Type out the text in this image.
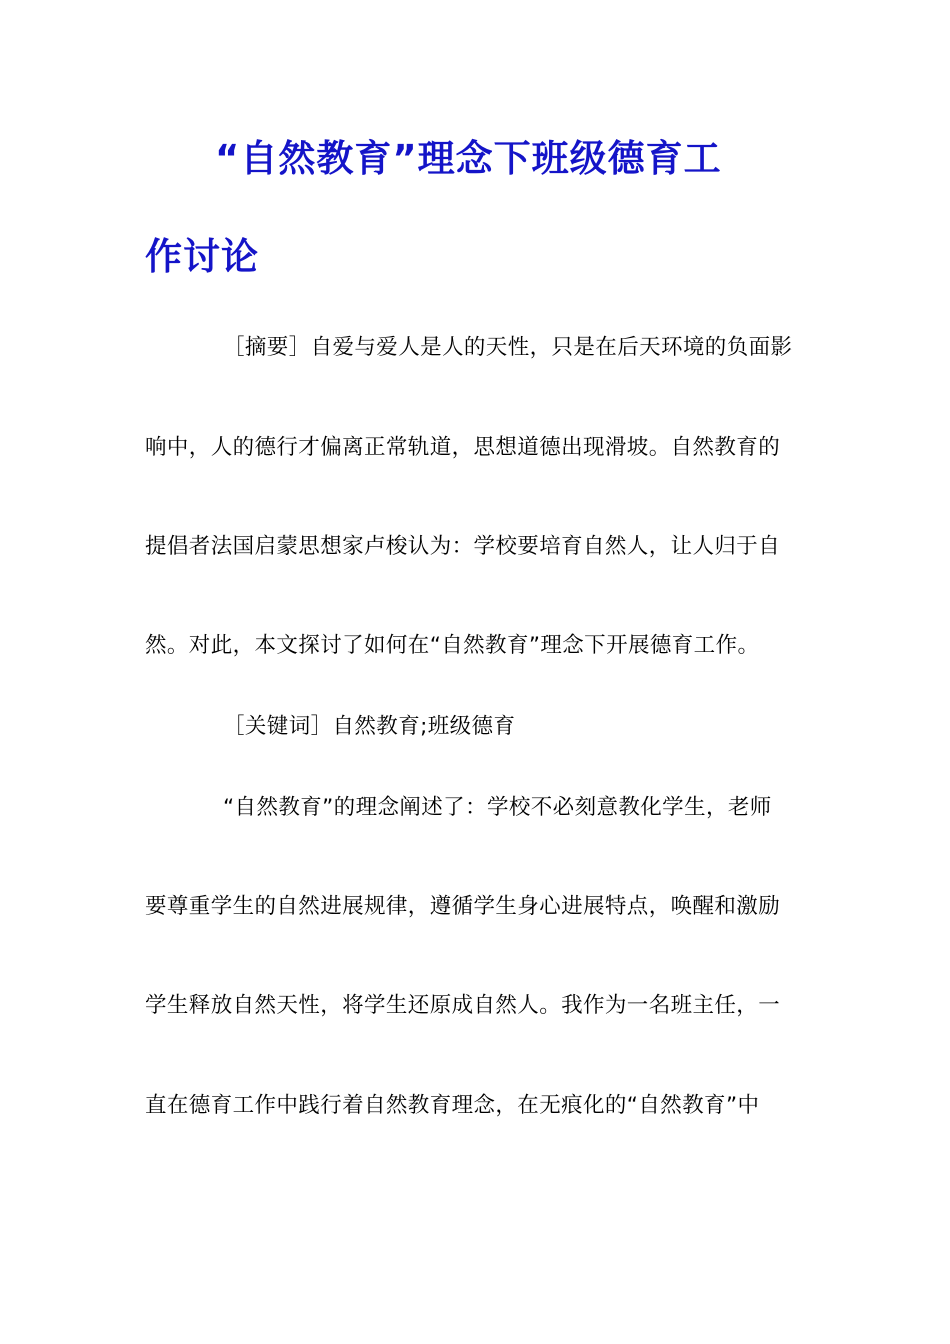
“自然教育”理念下班级德育工
作讨论

［摘要］自爱与爱人是人的天性，只是在后天环境的负面影

响中，人的德行才偏离正常轨道，思想道德出现滑坡。自然教育的

提倡者法国启蒙思想家卢梭认为：学校要培育自然人，让人归于自

然。对此，本文探讨了如何在“自然教育”理念下开展德育工作。

［关键词］自然教育;班级德育

“自然教育”的理念阐述了：学校不必刻意教化学生，老师

要尊重学生的自然进展规律，遵循学生身心进展特点，唤醒和激励

学生释放自然天性，将学生还原成自然人。我作为一名班主任，一

直在德育工作中践行着自然教育理念，在无痕化的“自然教育”中
